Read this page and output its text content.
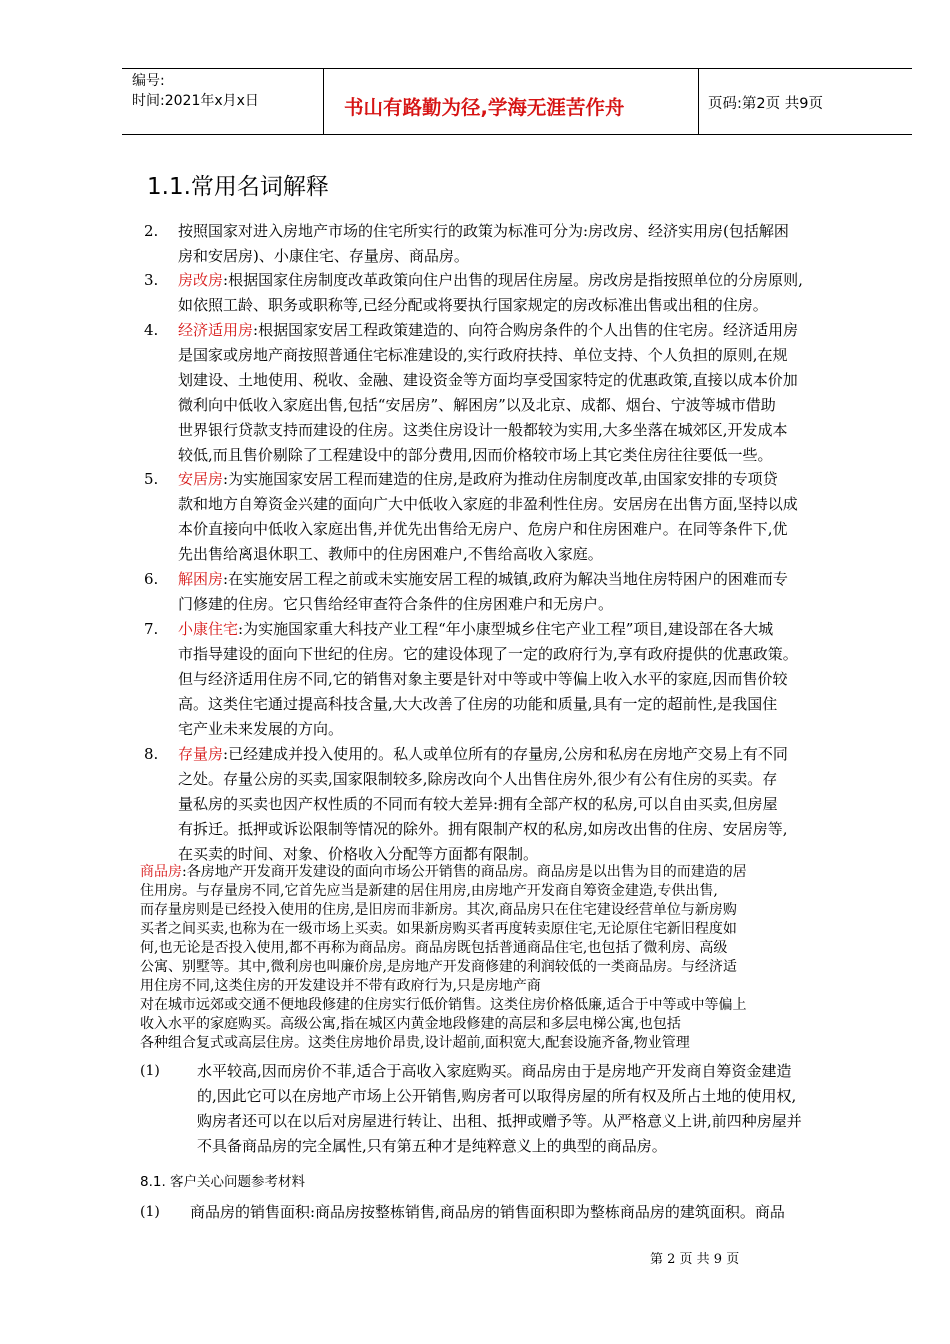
编号:
时间:2021年x月x日	书山有路勤为径,学海无涯苦作舟	页码:第2页 共9页
1.1.常用名词解释
2. 按照国家对进入房地产市场的住宅所实行的政策为标准可分为:房改房、经济实用房(包括解困
房和安居房)、小康住宅、存量房、商品房。
3. 房改房:根据国家住房制度改革政策向住户出售的现居住房屋。房改房是指按照单位的分房原则,
如依照工龄、职务或职称等,已经分配或将要执行国家规定的房改标准出售或出租的住房。
4. 经济适用房:根据国家安居工程政策建造的、向符合购房条件的个人出售的住宅房。经济适用房
是国家或房地产商按照普通住宅标准建设的,实行政府扶持、单位支持、个人负担的原则,在规
划建设、土地使用、税收、金融、建设资金等方面均享受国家特定的优惠政策,直接以成本价加
微利向中低收入家庭出售,包括“安居房”、解困房”以及北京、成都、烟台、宁波等城市借助
世界银行贷款支持而建设的住房。这类住房设计一般都较为实用,大多坐落在城郊区,开发成本
较低,而且售价剔除了工程建设中的部分费用,因而价格较市场上其它类住房往往要低一些。
5. 安居房:为实施国家安居工程而建造的住房,是政府为推动住房制度改革,由国家安排的专项贷
款和地方自筹资金兴建的面向广大中低收入家庭的非盈利性住房。安居房在出售方面,坚持以成
本价直接向中低收入家庭出售,并优先出售给无房户、危房户和住房困难户。在同等条件下,优
先出售给离退休职工、教师中的住房困难户,不售给高收入家庭。
6. 解困房:在实施安居工程之前或未实施安居工程的城镇,政府为解决当地住房特困户的困难而专
门修建的住房。它只售给经审查符合条件的住房困难户和无房户。
7. 小康住宅:为实施国家重大科技产业工程“年小康型城乡住宅产业工程”项目,建设部在各大城
市指导建设的面向下世纪的住房。它的建设体现了一定的政府行为,享有政府提供的优惠政策。
但与经济适用住房不同,它的销售对象主要是针对中等或中等偏上收入水平的家庭,因而售价较
高。这类住宅通过提高科技含量,大大改善了住房的功能和质量,具有一定的超前性,是我国住
宅产业未来发展的方向。
8. 存量房:已经建成并投入使用的。私人或单位所有的存量房,公房和私房在房地产交易上有不同
之处。存量公房的买卖,国家限制较多,除房改向个人出售住房外,很少有公有住房的买卖。存
量私房的买卖也因产权性质的不同而有较大差异:拥有全部产权的私房,可以自由买卖,但房屋
有拆迁。抵押或诉讼限制等情况的除外。拥有限制产权的私房,如房改出售的住房、安居房等,
在买卖的时间、对象、价格收入分配等方面都有限制。
商品房:各房地产开发商开发建设的面向市场公开销售的商品房。商品房是以出售为目的而建造的居
住用房。与存量房不同,它首先应当是新建的居住用房,由房地产开发商自筹资金建造,专供出售,
而存量房则是已经投入使用的住房,是旧房而非新房。其次,商品房只在住宅建设经营单位与新房购
买者之间买卖,也称为在一级市场上买卖。如果新房购买者再度转卖原住宅,无论原住宅新旧程度如
何,也无论是否投入使用,都不再称为商品房。商品房既包括普通商品住宅,也包括了微利房、高级
公寓、别墅等。其中,微利房也叫廉价房,是房地产开发商修建的利润较低的一类商品房。与经济适
用住房不同,这类住房的开发建设并不带有政府行为,只是房地产商
对在城市远郊或交通不便地段修建的住房实行低价销售。这类住房价格低廉,适合于中等或中等偏上
收入水平的家庭购买。高级公寓,指在城区内黄金地段修建的高层和多层电梯公寓,也包括
各种组合复式或高层住房。这类住房地价昂贵,设计超前,面积宽大,配套设施齐备,物业管理
(1) 水平较高,因而房价不菲,适合于高收入家庭购买。商品房由于是房地产开发商自筹资金建造
的,因此它可以在房地产市场上公开销售,购房者可以取得房屋的所有权及所占土地的使用权,
购房者还可以在以后对房屋进行转让、出租、抵押或赠予等。从严格意义上讲,前四种房屋并
不具备商品房的完全属性,只有第五种才是纯粹意义上的典型的商品房。
8.1. 客户关心问题参考材料
(1) 商品房的销售面积:商品房按整栋销售,商品房的销售面积即为整栋商品房的建筑面积。商品
第 2 页 共 9 页
